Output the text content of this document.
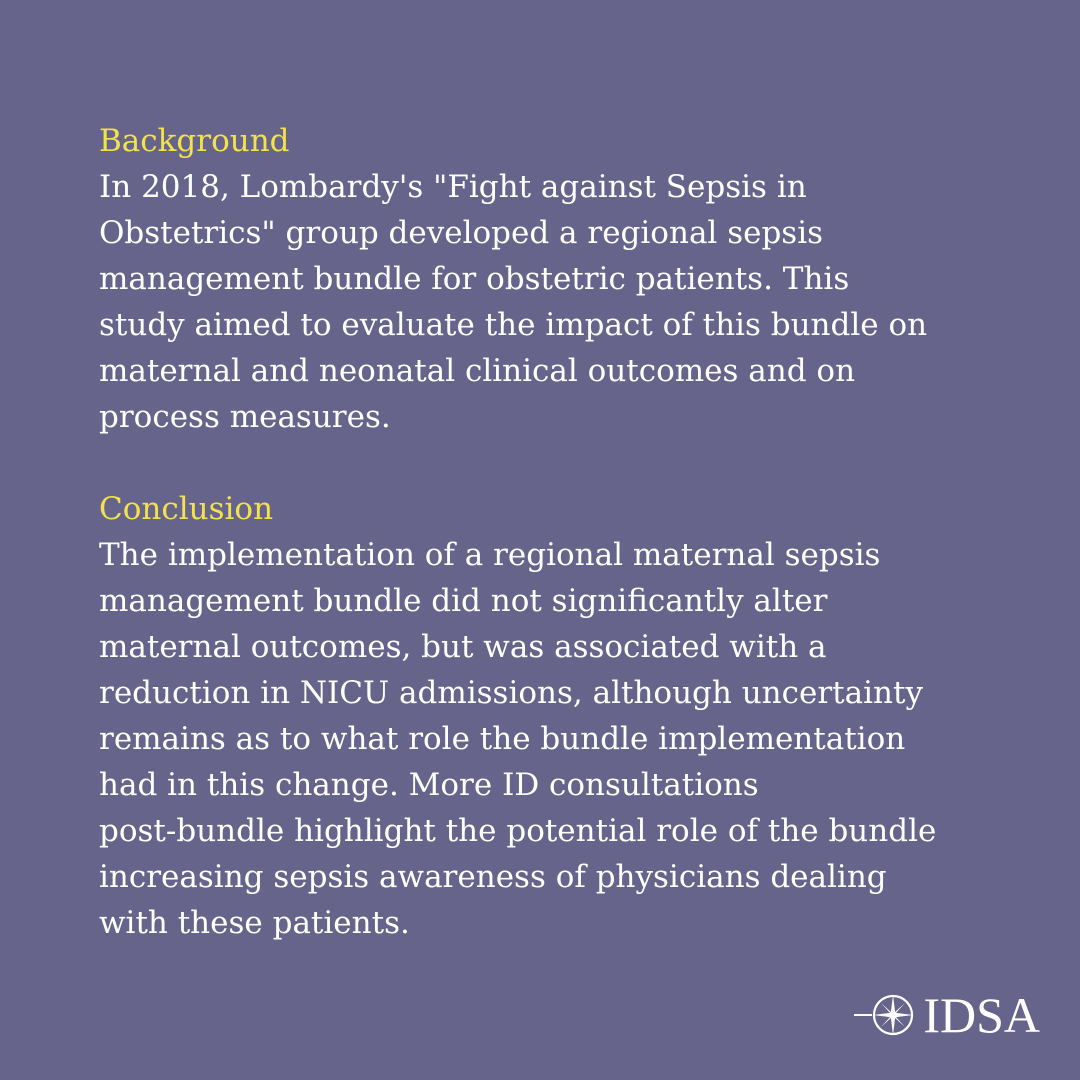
Background

In 2018, Lombardy's "Fight against Sepsis in
Obstetrics" group developed a regional sepsis
management bundle for obstetric patients. This
study aimed to evaluate the impact of this bundle on
maternal and neonatal clinical outcomes and on
process measures.

Conclusion

The implementation of a regional maternal sepsis
management bundle did not significantly alter
maternal outcomes, but was associated with a
reduction in NICU admissions, although uncertainty
remains as to what role the bundle implementation
had in this change. More ID consultations
post-bundle highlight the potential role of the bundle
increasing sepsis awareness of physicians dealing
with these patients.

IDSA
